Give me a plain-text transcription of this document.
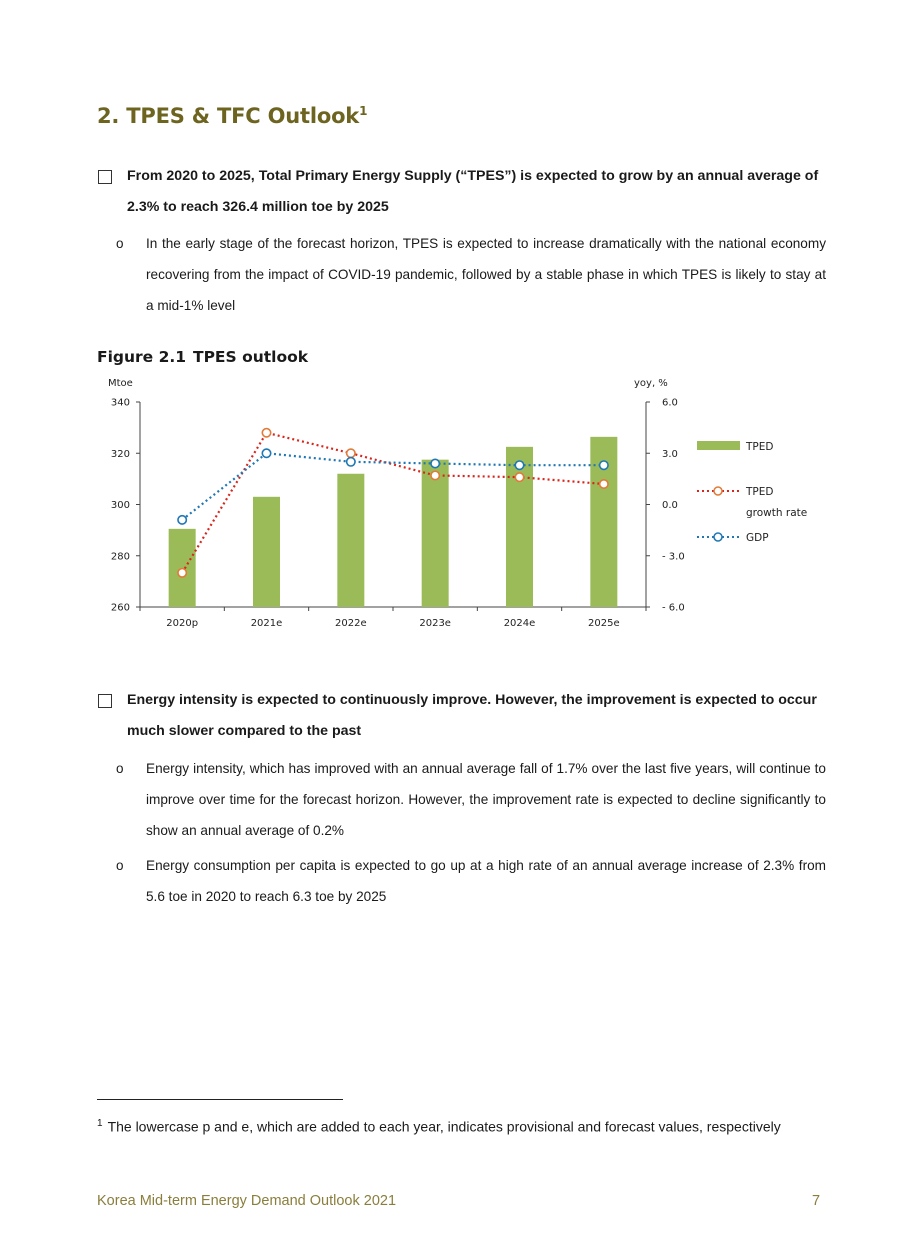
2. TPES & TFC Outlook$^1$
From 2020 to 2025, Total Primary Energy Supply (“TPES”) is expected to grow by an annual average of 2.3% to reach 326.4 million toe by 2025
o In the early stage of the forecast horizon, TPES is expected to increase dramatically with the national economy recovering from the impact of COVID-19 pandemic, followed by a stable phase in which TPES is likely to stay at a mid-1% level
Figure 2.1 TPES outlook
Mtoe	yoy, %
340
320
300
280
260
6.0
3.0
0.0
- 3.0
- 6.0
2020p	2021e	2022e	2023e	2024e	2025e
TPED
TPED
growth rate
GDP
Energy intensity is expected to continuously improve. However, the improvement is expected to occur much slower compared to the past
o Energy intensity, which has improved with an annual average fall of 1.7% over the last five years, will continue to improve over time for the forecast horizon. However, the improvement rate is expected to decline significantly to show an annual average of 0.2%
o Energy consumption per capita is expected to go up at a high rate of an annual average increase of 2.3% from 5.6 toe in 2020 to reach 6.3 toe by 2025
$^1$ The lowercase p and e, which are added to each year, indicates provisional and forecast values, respectively
Korea Mid-term Energy Demand Outlook 2021	7
